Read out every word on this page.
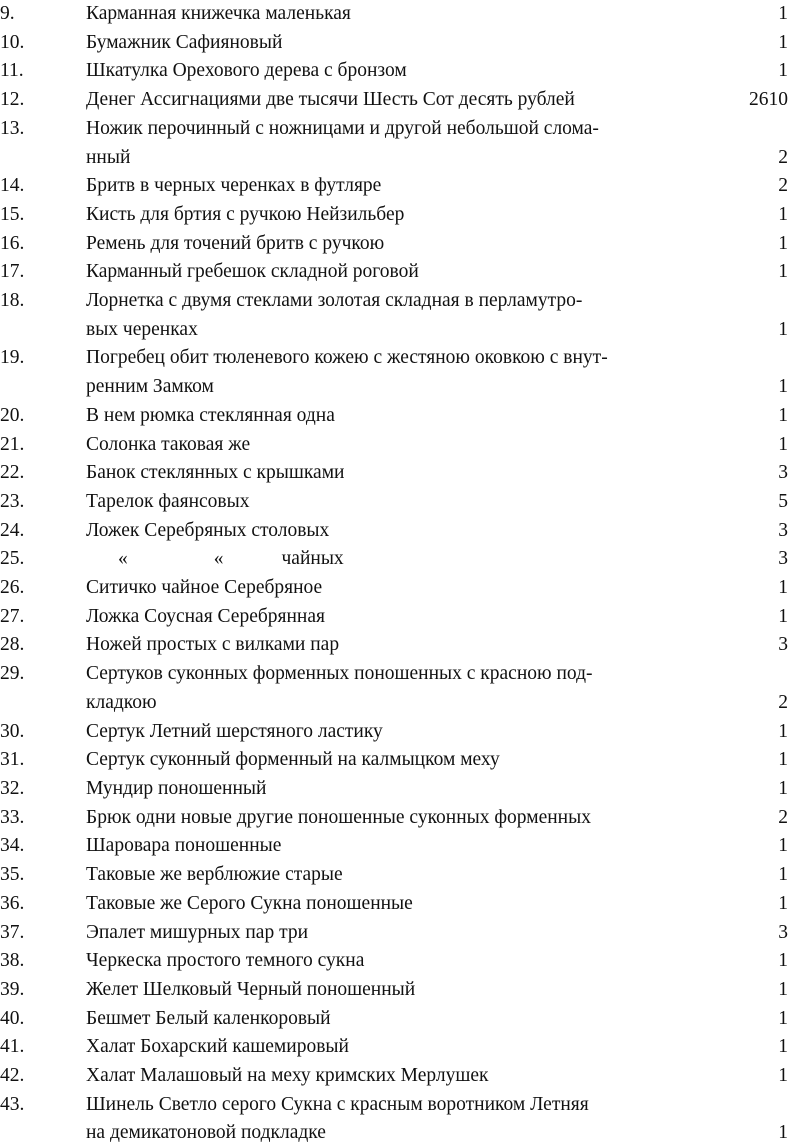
9.	Карманная книжечка маленькая	1
10.	Бумажник Сафияновый	1
11.	Шкатулка Орехового дерева с бронзом	1
12.	Денег Ассигнациями две тысячи Шесть Сот десять рублей	2610
13.	Ножик перочинный с ножницами и другой небольшой слома-
нный	2
14.	Бритв в черных черенках в футляре	2
15.	Кисть для бртия с ручкою Нейзильбер	1
16.	Ремень для точений бритв с ручкою	1
17.	Карманный гребешок складной роговой	1
18.	Лорнетка с двумя стеклами золотая складная в перламутро-
вых черенках	1
19.	Погребец обит тюленевого кожею с жестяною оковкою с внут-
ренним Замком	1
20.	В нем рюмка стеклянная одна	1
21.	Солонка таковая же	1
22.	Банок стеклянных с крышками	3
23.	Тарелок фаянсовых	5
24.	Ложек Серебряных столовых	3
25.	«	«	чайных	3
26.	Ситичко чайное Серебряное	1
27.	Ложка Соусная Серебрянная	1
28.	Ножей простых с вилками пар	3
29.	Сертуков суконных форменных поношенных с красною под-
кладкою	2
30.	Сертук Летний шерстяного ластику	1
31.	Сертук суконный форменный на калмыцком меху	1
32.	Мундир поношенный	1
33.	Брюк одни новые другие поношенные суконных форменных	2
34.	Шаровара поношенные	1
35.	Таковые же верблюжие старые	1
36.	Таковые же Серого Сукна поношенные	1
37.	Эпалет мишурных пар три	3
38.	Черкеска простого темного сукна	1
39.	Желет Шелковый Черный поношенный	1
40.	Бешмет Белый каленкоровый	1
41.	Халат Бохарский кашемировый	1
42.	Халат Малашовый на меху кримских Мерлушек	1
43.	Шинель Светло серого Сукна с красным воротником Летняя
на демикатоновой подкладке	1
